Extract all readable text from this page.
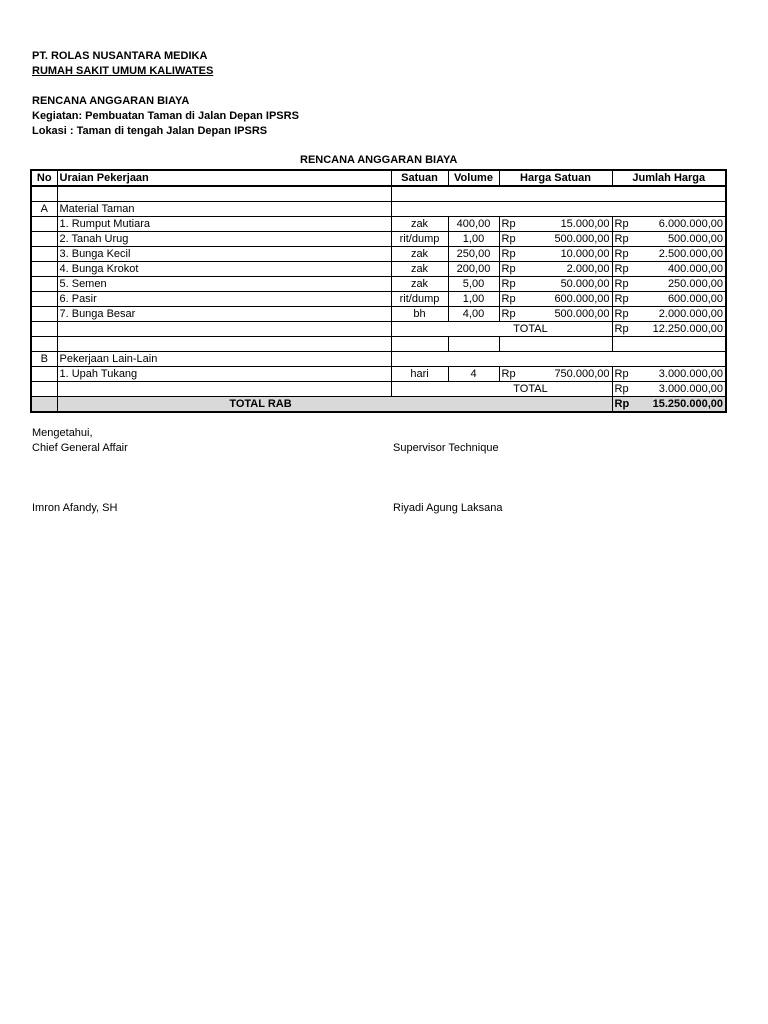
PT. ROLAS NUSANTARA MEDIKA
RUMAH SAKIT UMUM KALIWATES
RENCANA ANGGARAN BIAYA
Kegiatan: Pembuatan Taman di Jalan Depan IPSRS
Lokasi : Taman di tengah Jalan Depan IPSRS
RENCANA ANGGARAN BIAYA
No	Uraian Pekerjaan	Satuan	Volume	Harga Satuan		Jumlah Harga	

A	Material Taman						
	1. Rumput Mutiara	zak	400,00	Rp	15.000,00	Rp	6.000.000,00
	2. Tanah Urug	rit/dump	1,00	Rp	500.000,00	Rp	500.000,00
	3. Bunga Kecil	zak	250,00	Rp	10.000,00	Rp	2.500.000,00
	4. Bunga Krokot	zak	200,00	Rp	2.000,00	Rp	400.000,00
	5. Semen	zak	5,00	Rp	50.000,00	Rp	250.000,00
	6. Pasir	rit/dump	1,00	Rp	600.000,00	Rp	600.000,00
	7. Bunga Besar	bh	4,00	Rp	500.000,00	Rp	2.000.000,00
		TOTAL				Rp	12.250.000,00

B	Pekerjaan Lain-Lain						
	1. Upah Tukang	hari	4	Rp	750.000,00	Rp	3.000.000,00
		TOTAL				Rp	3.000.000,00
	TOTAL RAB					Rp	15.250.000,00
Mengetahui,
Chief General Affair	Supervisor Technique
Imron Afandy, SH	Riyadi Agung Laksana
